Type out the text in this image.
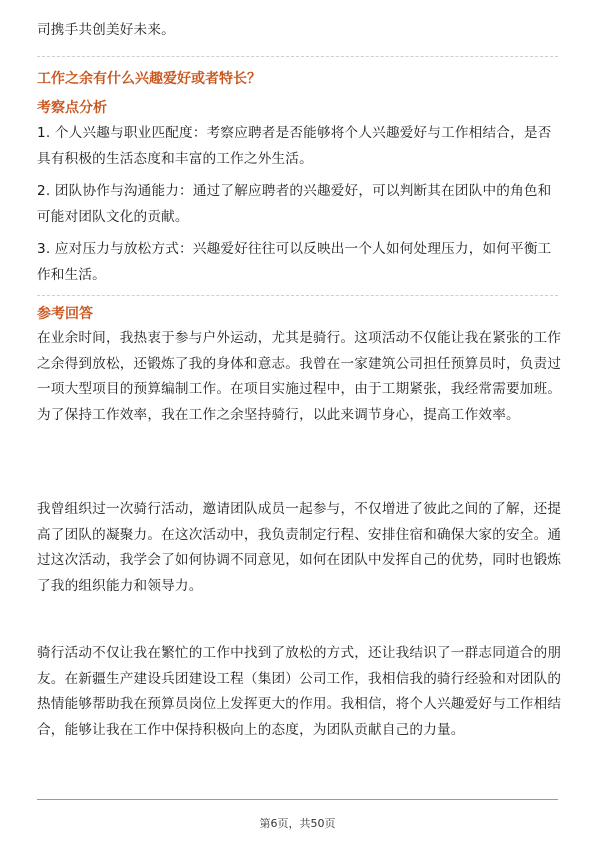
司携手共创美好未来。

工作之余有什么兴趣爱好或者特长？
考察点分析

1. 个人兴趣与职业匹配度：考察应聘者是否能够将个人兴趣爱好与工作相结合，是否具有积极的生活态度和丰富的工作之外生活。

2. 团队协作与沟通能力：通过了解应聘者的兴趣爱好，可以判断其在团队中的角色和可能对团队文化的贡献。

3. 应对压力与放松方式：兴趣爱好往往可以反映出一个人如何处理压力，如何平衡工作和生活。

参考回答

在业余时间，我热衷于参与户外运动，尤其是骑行。这项活动不仅能让我在紧张的工作之余得到放松，还锻炼了我的身体和意志。我曾在一家建筑公司担任预算员时，负责过一项大型项目的预算编制工作。在项目实施过程中，由于工期紧张，我经常需要加班。为了保持工作效率，我在工作之余坚持骑行，以此来调节身心，提高工作效率。

我曾组织过一次骑行活动，邀请团队成员一起参与，不仅增进了彼此之间的了解，还提高了团队的凝聚力。在这次活动中，我负责制定行程、安排住宿和确保大家的安全。通过这次活动，我学会了如何协调不同意见，如何在团队中发挥自己的优势，同时也锻炼了我的组织能力和领导力。

骑行活动不仅让我在繁忙的工作中找到了放松的方式，还让我结识了一群志同道合的朋友。在新疆生产建设兵团建设工程（集团）公司工作，我相信我的骑行经验和对团队的热情能够帮助我在预算员岗位上发挥更大的作用。我相信，将个人兴趣爱好与工作相结合，能够让我在工作中保持积极向上的态度，为团队贡献自己的力量。

第6页，共50页
